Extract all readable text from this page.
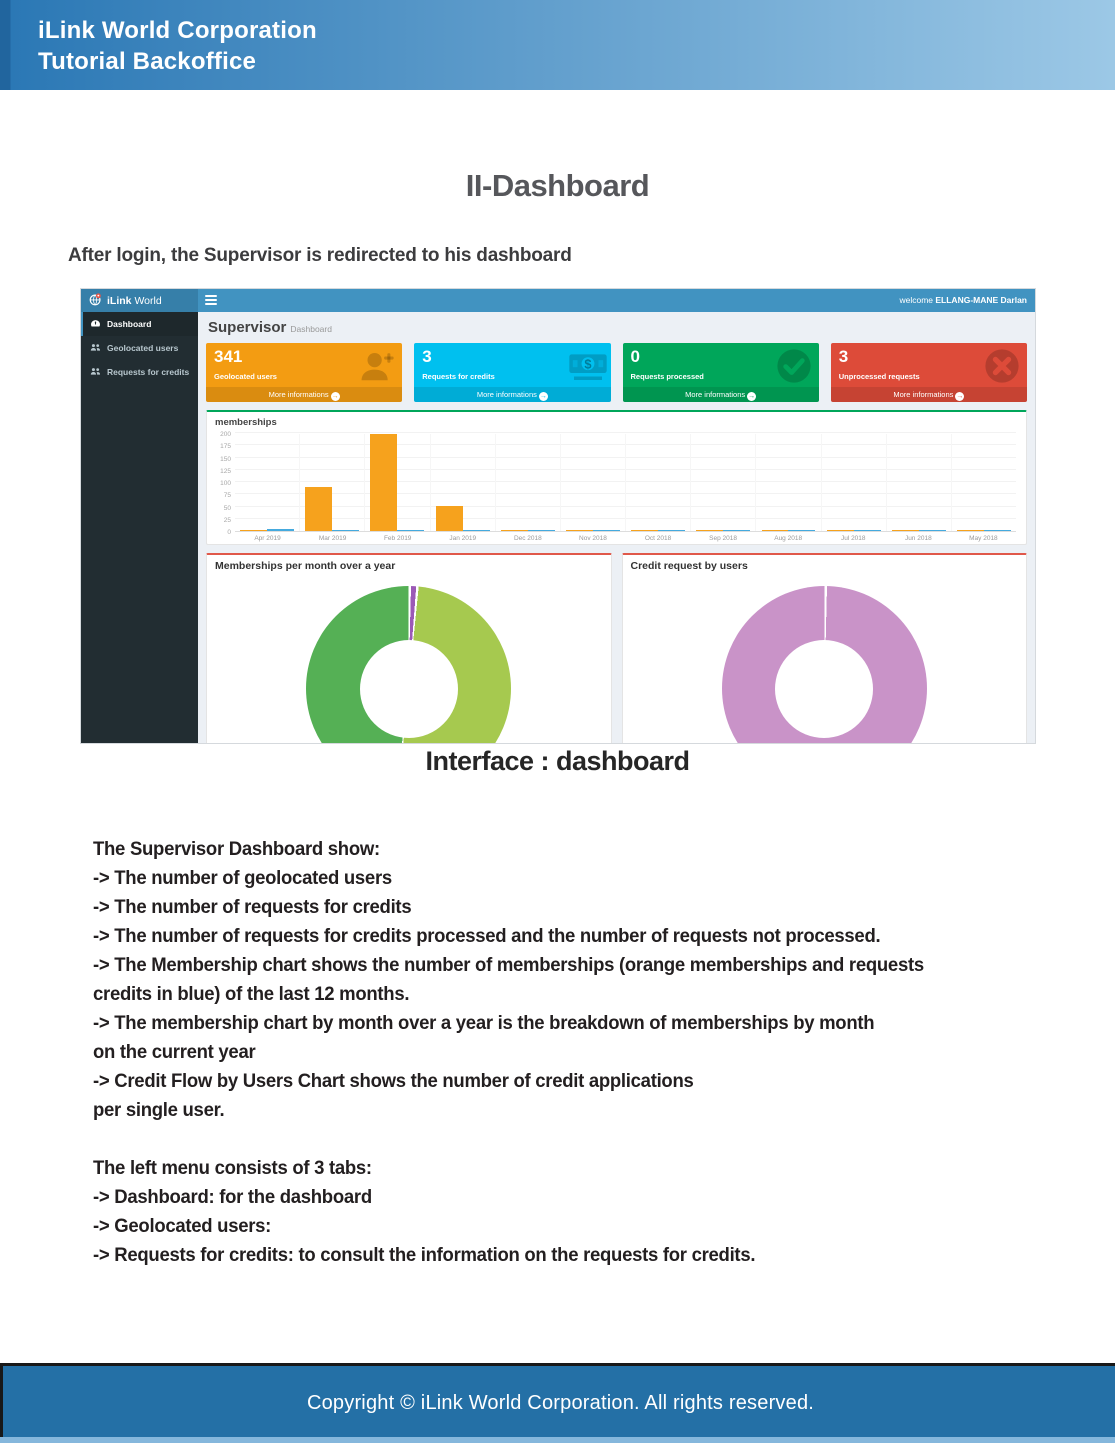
iLink World Corporation
Tutorial Backoffice
II-Dashboard
After login, the Supervisor is redirected to his dashboard
iLink World	welcome ELLANG-MANE Darlan
Dashboard
Geolocated users
Requests for credits
Supervisor Dashboard
341
Geolocated users
More informations →
3
Requests for credits
$
More informations →
0
Requests processed
More informations →
3
Unprocessed requests
More informations →
memberships
0
25
50
75
100
125
150
175
200
Apr 2019	Mar 2019	Feb 2019	Jan 2019	Dec 2018	Nov 2018	Oct 2018	Sep 2018	Aug 2018	Jul 2018	Jun 2018	May 2018
Memberships per month over a year	Credit request by users
Interface : dashboard
The Supervisor Dashboard show:
-> The number of geolocated users
-> The number of requests for credits
-> The number of requests for credits processed and the number of requests not processed.
-> The Membership chart shows the number of memberships (orange memberships and requests
credits in blue) of the last 12 months.
-> The membership chart by month over a year is the breakdown of memberships by month
on the current year
-> Credit Flow by Users Chart shows the number of credit applications
per single user.
The left menu consists of 3 tabs:
-> Dashboard: for the dashboard
-> Geolocated users:
-> Requests for credits: to consult the information on the requests for credits.
Copyright © iLink World Corporation. All rights reserved.
